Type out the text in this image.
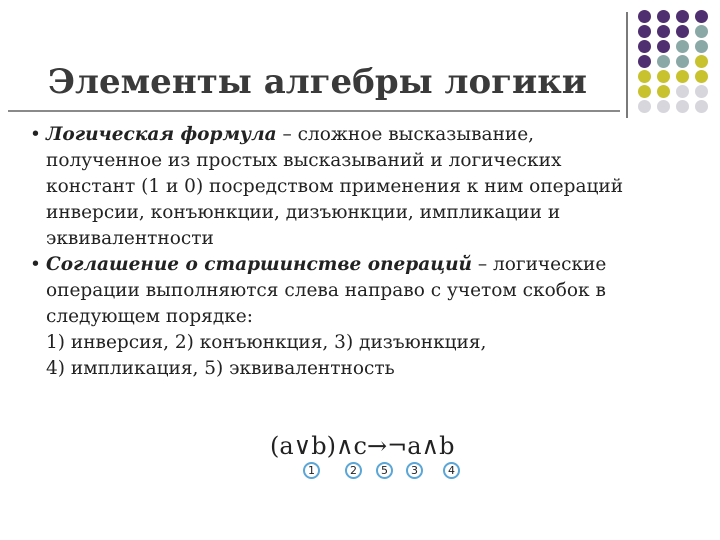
Элементы алгебры логики

• Логическая формула – сложное высказывание, полученное из простых высказываний и логических констант (1 и 0) посредством применения к ним операций инверсии, конъюнкции, дизъюнкции, импликации и эквивалентности

• Соглашение о старшинстве операций – логические операции выполняются слева направо с учетом скобок в следующем порядке:

1) инверсия, 2) конъюнкция, 3) дизъюнкция,
4) импликация, 5) эквивалентность
(a∨b)∧c→¬a∧b
1	2	5	3	4
